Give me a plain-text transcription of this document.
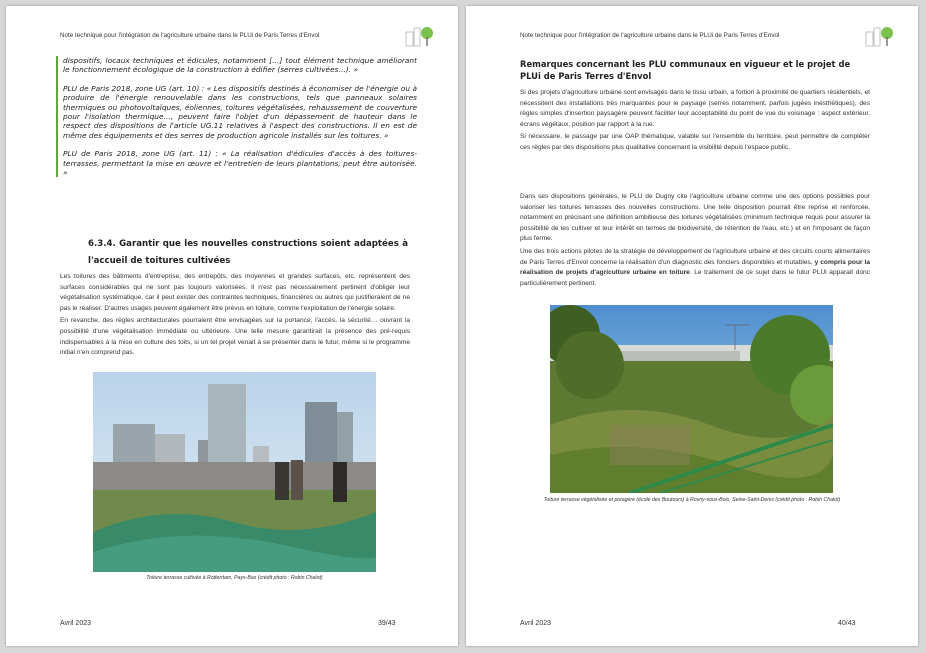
Note technique pour l'intégration de l'agriculture urbaine dans le PLUi de Paris Terres d'Envol

dispositifs, locaux techniques et édicules, notamment […] tout élément technique améliorant le fonctionnement écologique de la construction à édifier (serres cultivées…). »

PLU de Paris 2018, zone UG (art. 10) : « Les dispositifs destinés à économiser de l'énergie ou à produire de l'énergie renouvelable dans les constructions, tels que panneaux solaires thermiques ou photovoltaïques, éoliennes, toitures végétalisées, rehaussement de couverture pour l'isolation thermique…, peuvent faire l'objet d'un dépassement de hauteur dans le respect des dispositions de l'article UG.11 relatives à l'aspect des constructions. Il en est de même des équipements et des serres de production agricole installés sur les toitures. »

PLU de Paris 2018, zone UG (art. 11) : « La réalisation d'édicules d'accès à des toitures-terrasses, permettant la mise en œuvre et l'entretien de leurs plantations, peut être autorisée. »

6.3.4. Garantir que les nouvelles constructions soient adaptées à l'accueil de toitures cultivées

Les toitures des bâtiments d'entreprise, des entrepôts, des moyennes et grandes surfaces, etc. représentent des surfaces considérables qui ne sont pas toujours valorisées. Il n'est pas nécessairement pertinent d'obliger leur végétalisation systématique, car il peut exister des contraintes techniques, financières ou autres qui justifieraient de ne pas le réaliser. D'autres usages peuvent également être prévus en toiture, comme l'exploitation de l'énergie solaire.

En revanche, des règles architecturales pourraient être envisagées sur la portance, l'accès, la sécurité… ouvrant la possibilité d'une végétalisation immédiate ou ultérieure. Une telle mesure garantirait la présence des pré-requis indispensables à la mise en culture des toits, si un tel projet venait à se présenter dans le futur, même si le programme initial n'en comprend pas.

Toiture terrasse cultivée à Rotterdam, Pays-Bas (crédit photo : Robin Chalot)
Avril 2023	39/43
Note technique pour l'intégration de l'agriculture urbaine dans le PLUi de Paris Terres d'Envol
Remarques concernant les PLU communaux en vigueur et le projet de PLUi de Paris Terres d'Envol

Si des projets d'agriculture urbaine sont envisagés dans le tissu urbain, a fortiori à proximité de quartiers résidentiels, et nécessitent des installations très marquantes pour le paysage (serres notamment, parfois jugées inesthétiques), des règles simples d'insertion paysagère peuvent faciliter leur acceptabilité du point de vue du voisinage : aspect extérieur, écrans végétaux, position par rapport à la rue.

Si nécessaire, le passage par une OAP thématique, valable sur l'ensemble du territoire, peut permettre de compléter ces règles par des dispositions plus qualitative concernant la visibilité depuis l'espace public.

Dans ses dispositions générales, le PLU de Dugny cite l'agriculture urbaine comme une des options possibles pour valoriser les toitures terrasses des nouvelles constructions. Une telle disposition pourrait être reprise et renforcée, notamment en précisant une définition ambitieuse des toitures végétalisées (minimum technique requis pour assurer la possibilité de les cultiver et leur intérêt en termes de biodiversité, de rétention de l'eau, etc.) et en l'imposant de façon plus ferme.

Une des trois actions pilotes de la stratégie de développement de l'agriculture urbaine et des circuits courts alimentaires de Paris Terres d'Envol concerne la réalisation d'un diagnostic des fonciers disponibles et mutables, y compris pour la réalisation de projets d'agriculture urbaine en toiture. Le traitement de ce sujet dans le futur PLUi apparait donc particulièrement pertinent.

Toiture terrasse végétalisée et potagère (école des Boutours) à Rosny-sous-Bois, Seine-Saint-Denis (crédit photo : Robin Chalot)
Avril 2023	40/43
